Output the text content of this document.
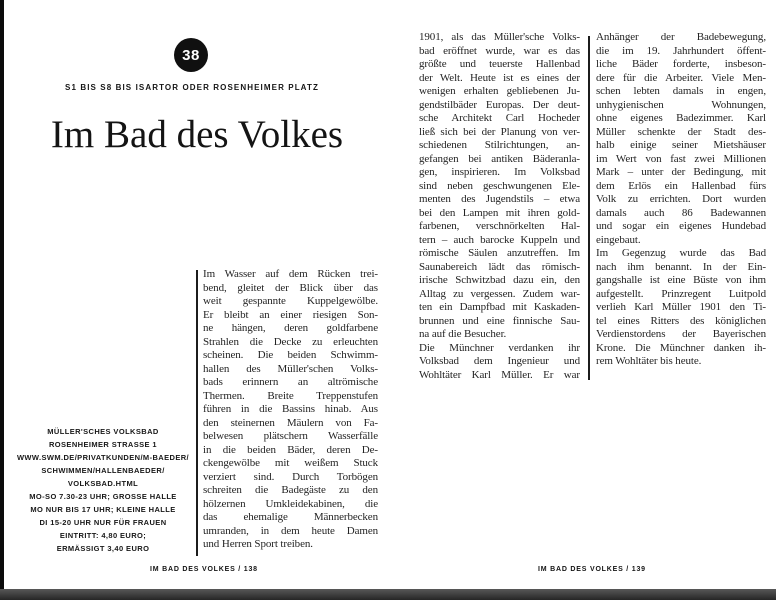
38
S1 BIS S8 BIS ISARTOR ODER ROSENHEIMER PLATZ
Im Bad des Volkes
MÜLLER'SCHES VOLKSBAD
ROSENHEIMER STRASSE 1
WWW.SWM.DE/PRIVATKUNDEN/M-BAEDER/
SCHWIMMEN/HALLENBAEDER/
VOLKSBAD.HTML
MO-SO 7.30-23 UHR; GROSSE HALLE
MO NUR BIS 17 UHR; KLEINE HALLE
DI 15-20 UHR NUR FÜR FRAUEN
EINTRITT: 4,80 EURO;
ERMÄSSIGT 3,40 EURO
Im Wasser auf dem Rücken trei-
bend, gleitet der Blick über das
weit gespannte Kuppelgewölbe.
Er bleibt an einer riesigen Son-
ne hängen, deren goldfarbene
Strahlen die Decke zu erleuchten
scheinen. Die beiden Schwimm-
hallen des Müller'schen Volks-
bads erinnern an altrömische
Thermen. Breite Treppenstufen
führen in die Bassins hinab. Aus
den steinernen Mäulern von Fa-
belwesen plätschern Wasserfälle
in die beiden Bäder, deren De-
ckengewölbe mit weißem Stuck
verziert sind. Durch Torbögen
schreiten die Badegäste zu den
hölzernen Umkleidekabinen, die
das ehemalige Männerbecken
umranden, in dem heute Damen
und Herren Sport treiben.
IM BAD DES VOLKES / 138
1901, als das Müller'sche Volks-
bad eröffnet wurde, war es das
größte und teuerste Hallenbad
der Welt. Heute ist es eines der
wenigen erhalten gebliebenen Ju-
gendstilbäder Europas. Der deut-
sche Architekt Carl Hocheder
ließ sich bei der Planung von ver-
schiedenen Stilrichtungen, an-
gefangen bei antiken Bäderanla-
gen, inspirieren. Im Volksbad
sind neben geschwungenen Ele-
menten des Jugendstils – etwa
bei den Lampen mit ihren gold-
farbenen, verschnörkelten Hal-
tern – auch barocke Kuppeln und
römische Säulen anzutreffen. Im
Saunabereich lädt das römisch-
irische Schwitzbad dazu ein, den
Alltag zu vergessen. Zudem war-
ten ein Dampfbad mit Kaskaden-
brunnen und eine finnische Sau-
na auf die Besucher.
Die Münchner verdanken ihr
Volksbad dem Ingenieur und
Wohltäter Karl Müller. Er war
Anhänger der Badebewegung,
die im 19. Jahrhundert öffent-
liche Bäder forderte, insbeson-
dere für die Arbeiter. Viele Men-
schen lebten damals in engen,
unhygienischen Wohnungen,
ohne eigenes Badezimmer. Karl
Müller schenkte der Stadt des-
halb einige seiner Mietshäuser
im Wert von fast zwei Millionen
Mark – unter der Bedingung, mit
dem Erlös ein Hallenbad fürs
Volk zu errichten. Dort wurden
damals auch 86 Badewannen
und sogar ein eigenes Hundebad
eingebaut.
Im Gegenzug wurde das Bad
nach ihm benannt. In der Ein-
gangshalle ist eine Büste von ihm
aufgestellt. Prinzregent Luitpold
verlieh Karl Müller 1901 den Ti-
tel eines Ritters des königlichen
Verdienstordens der Bayerischen
Krone. Die Münchner danken ih-
rem Wohltäter bis heute.
IM BAD DES VOLKES / 139
